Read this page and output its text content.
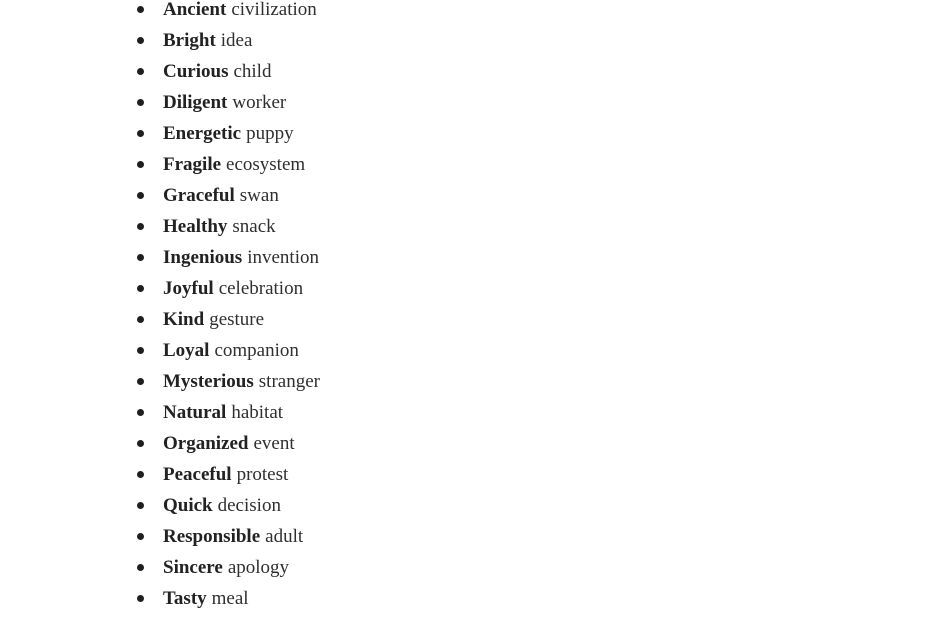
Ancient civilization
Bright idea
Curious child
Diligent worker
Energetic puppy
Fragile ecosystem
Graceful swan
Healthy snack
Ingenious invention
Joyful celebration
Kind gesture
Loyal companion
Mysterious stranger
Natural habitat
Organized event
Peaceful protest
Quick decision
Responsible adult
Sincere apology
Tasty meal
